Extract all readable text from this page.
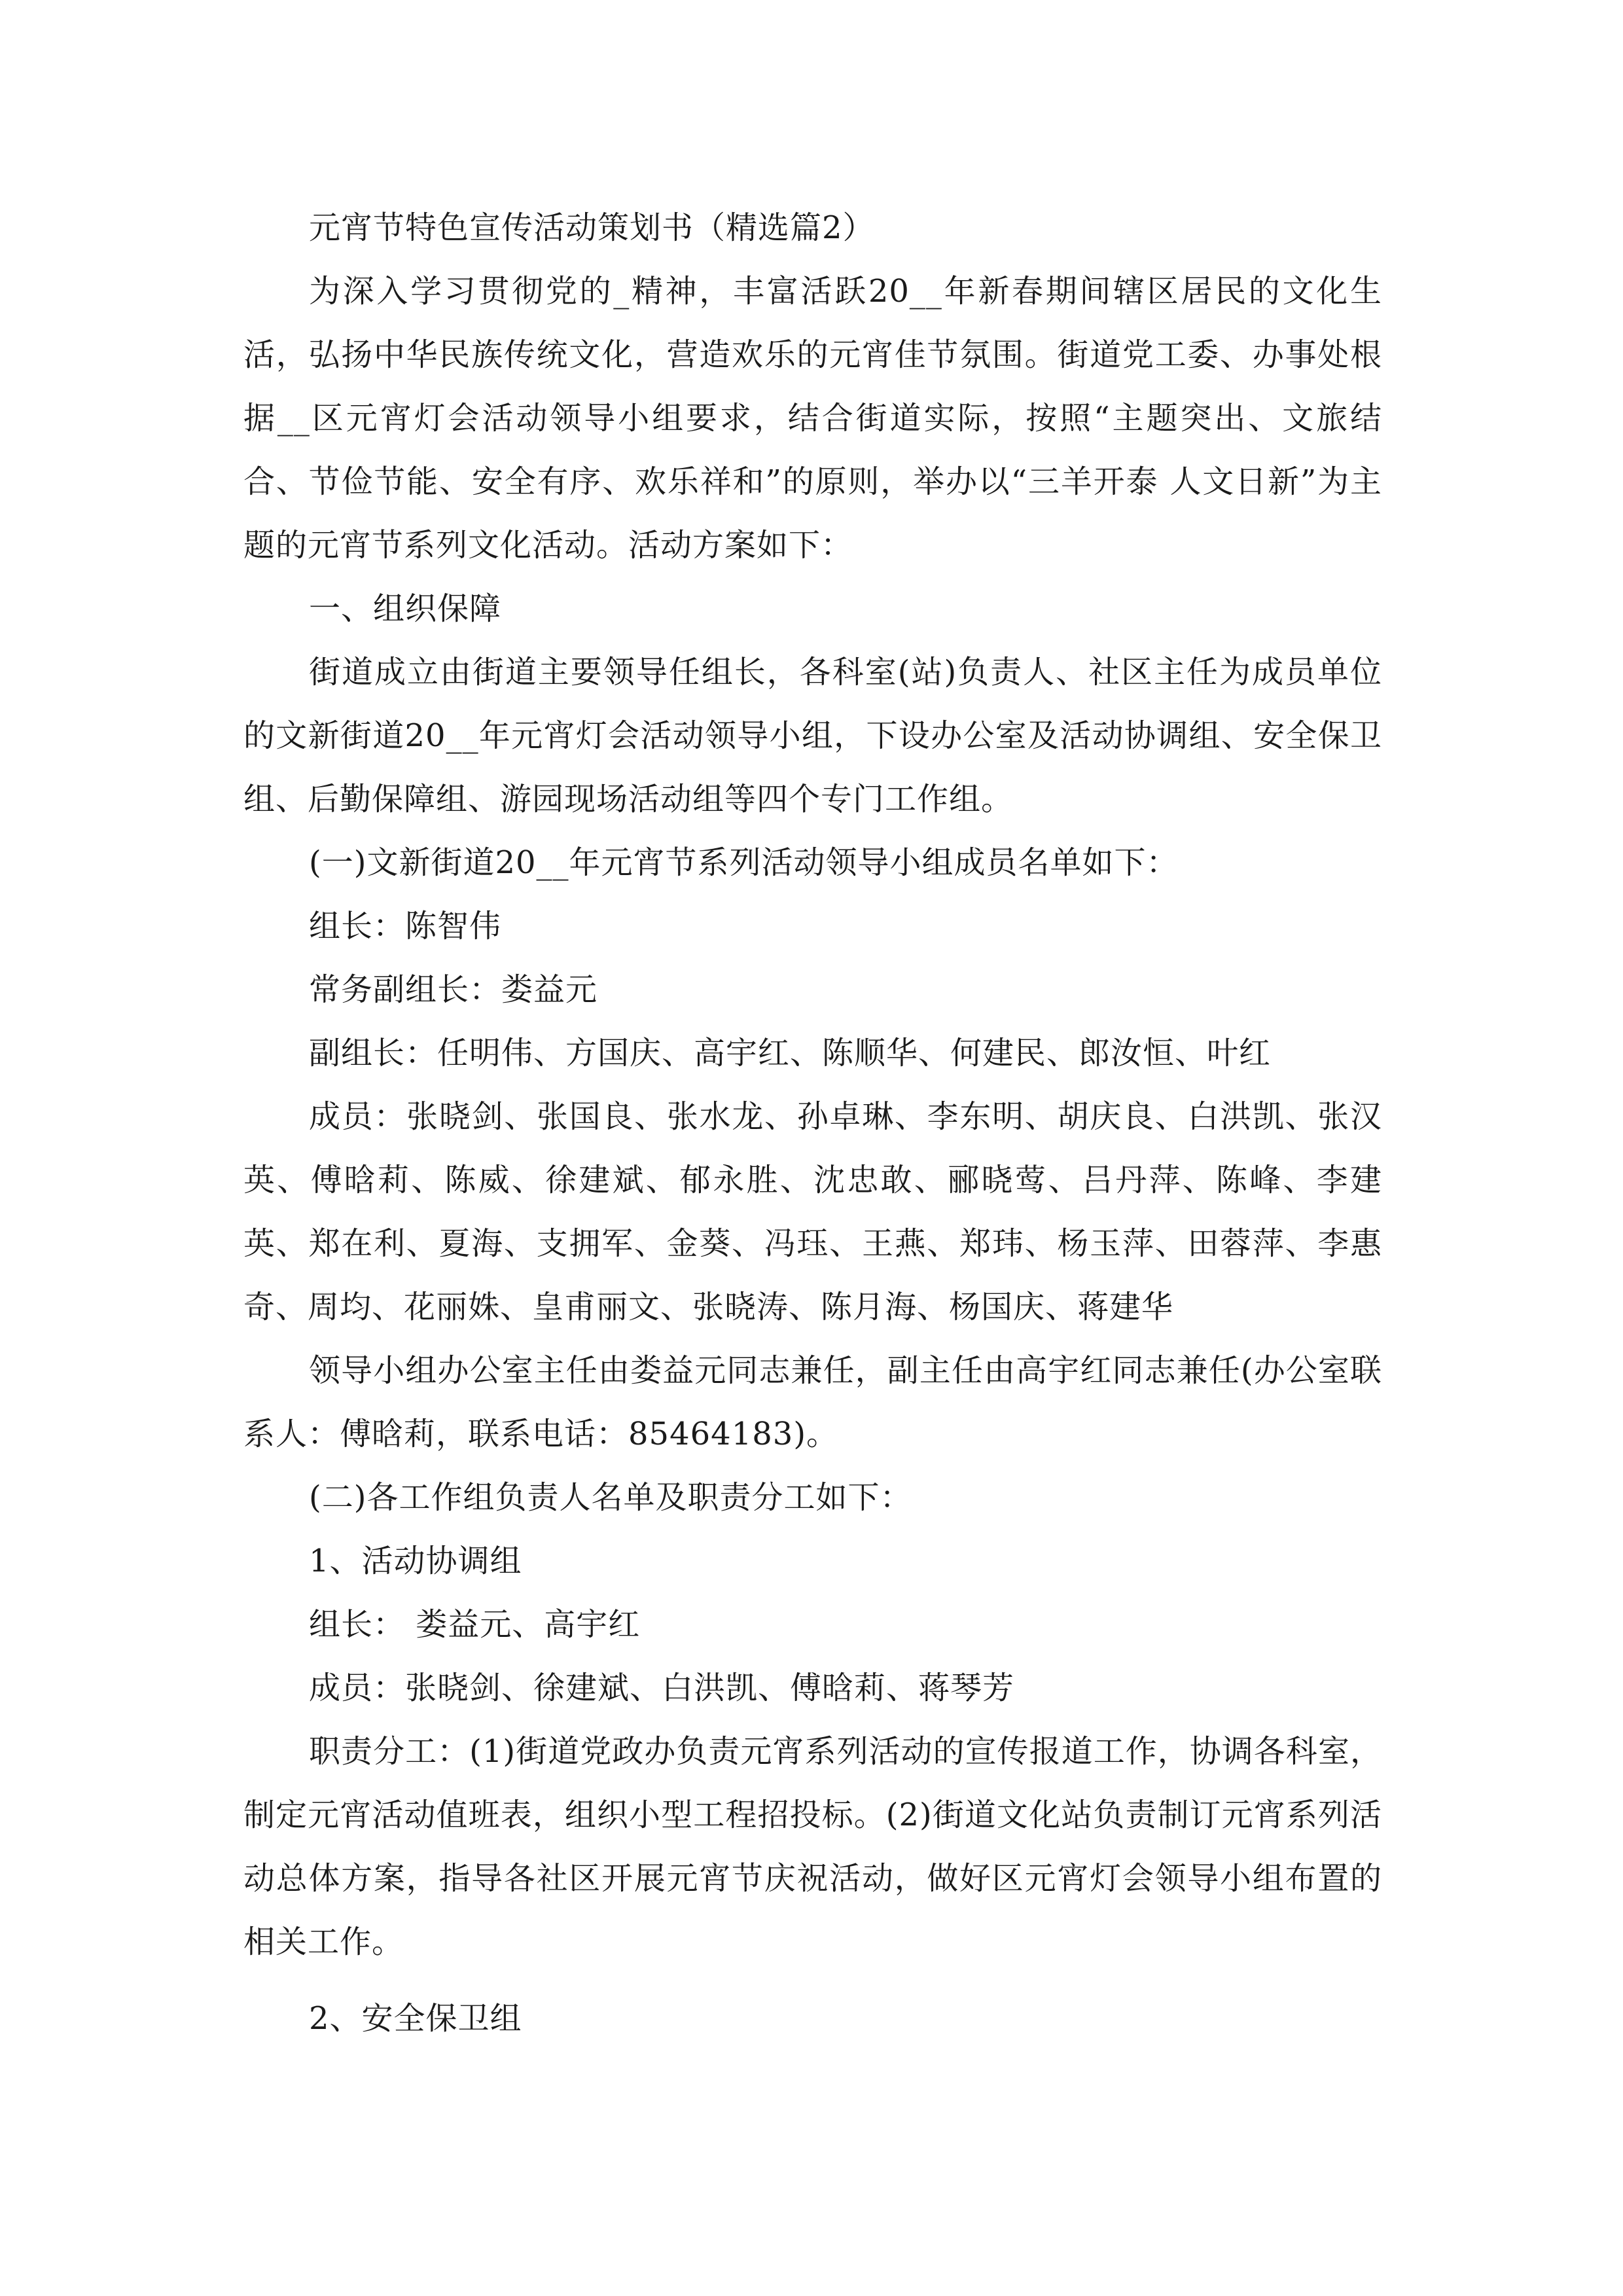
元宵节特色宣传活动策划书（精选篇2）

为深入学习贯彻党的_精神，丰富活跃20__年新春期间辖区居民的文化生活，弘扬中华民族传统文化，营造欢乐的元宵佳节氛围。街道党工委、办事处根据__区元宵灯会活动领导小组要求，结合街道实际，按照“主题突出、文旅结合、节俭节能、安全有序、欢乐祥和”的原则，举办以“三羊开泰 人文日新”为主题的元宵节系列文化活动。活动方案如下：

一、组织保障

街道成立由街道主要领导任组长，各科室(站)负责人、社区主任为成员单位的文新街道20__年元宵灯会活动领导小组，下设办公室及活动协调组、安全保卫组、后勤保障组、游园现场活动组等四个专门工作组。

(一)文新街道20__年元宵节系列活动领导小组成员名单如下：

组长：陈智伟

常务副组长：娄益元

副组长：任明伟、方国庆、高宇红、陈顺华、何建民、郎汝恒、叶红

成员：张晓剑、张国良、张水龙、孙卓琳、李东明、胡庆良、白洪凯、张汉英、傅晗莉、陈威、徐建斌、郁永胜、沈忠敢、郦晓莺、吕丹萍、陈峰、李建英、郑在利、夏海、支拥军、金葵、冯珏、王燕、郑玮、杨玉萍、田蓉萍、李惠奇、周均、花丽姝、皇甫丽文、张晓涛、陈月海、杨国庆、蒋建华

领导小组办公室主任由娄益元同志兼任，副主任由高宇红同志兼任(办公室联系人：傅晗莉，联系电话：85464183)。

(二)各工作组负责人名单及职责分工如下：

1、活动协调组

组长： 娄益元、高宇红

成员：张晓剑、徐建斌、白洪凯、傅晗莉、蒋琴芳

职责分工：(1)街道党政办负责元宵系列活动的宣传报道工作，协调各科室，制定元宵活动值班表，组织小型工程招投标。(2)街道文化站负责制订元宵系列活动总体方案，指导各社区开展元宵节庆祝活动，做好区元宵灯会领导小组布置的相关工作。

2、安全保卫组
